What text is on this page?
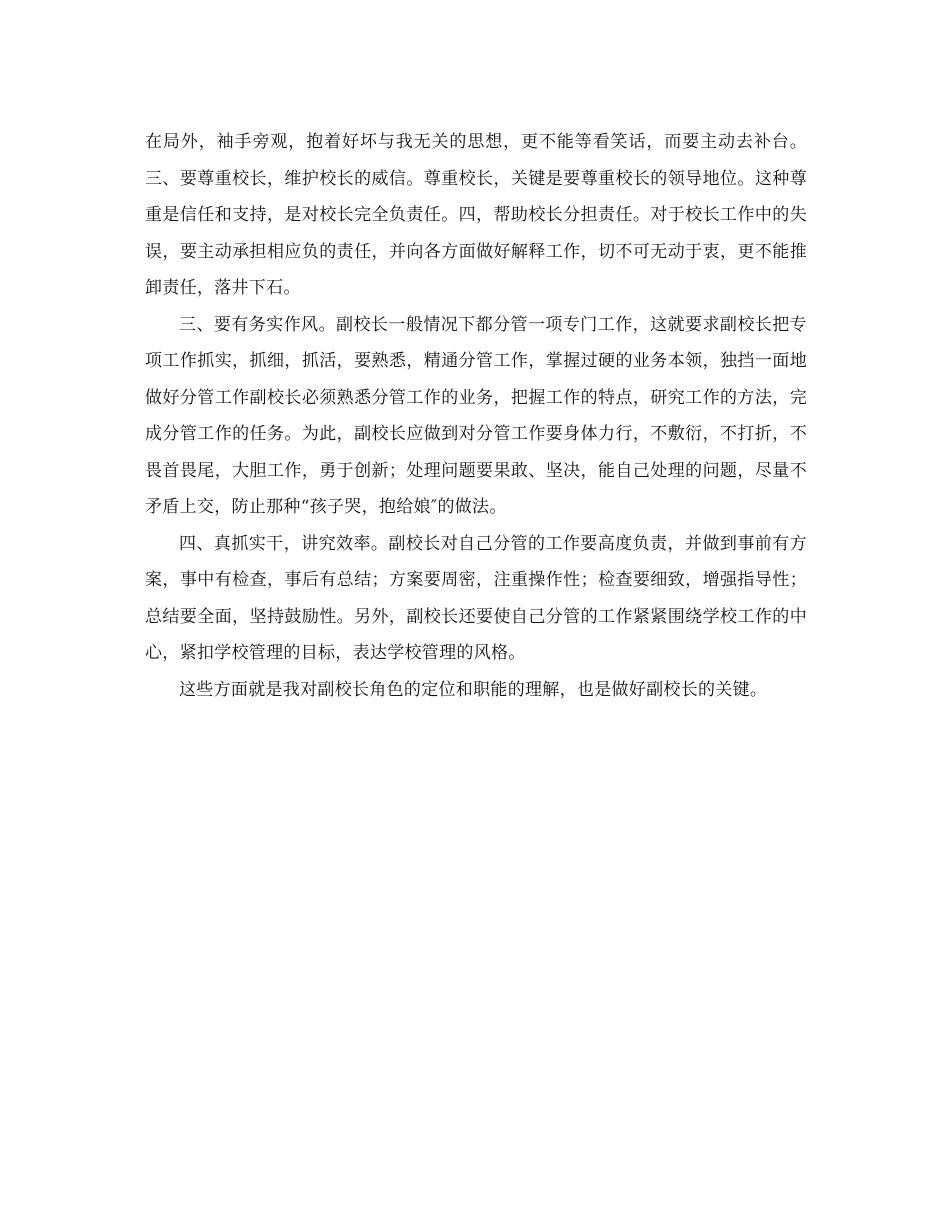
在局外，袖手旁观，抱着好坏与我无关的思想，更不能等看笑话，而要主动去补台。三、要尊重校长，维护校长的威信。尊重校长，关键是要尊重校长的领导地位。这种尊重是信任和支持，是对校长完全负责任。四，帮助校长分担责任。对于校长工作中的失误，要主动承担相应负的责任，并向各方面做好解释工作，切不可无动于衷，更不能推卸责任，落井下石。

三、要有务实作风。副校长一般情况下都分管一项专门工作，这就要求副校长把专项工作抓实，抓细，抓活，要熟悉，精通分管工作，掌握过硬的业务本领，独挡一面地做好分管工作副校长必须熟悉分管工作的业务，把握工作的特点，研究工作的方法，完成分管工作的任务。为此，副校长应做到对分管工作要身体力行，不敷衍，不打折，不畏首畏尾，大胆工作，勇于创新；处理问题要果敢、坚决，能自己处理的问题，尽量不矛盾上交，防止那种“孩子哭，抱给娘″的做法。

四、真抓实干，讲究效率。副校长对自己分管的工作要高度负责，并做到事前有方案，事中有检查，事后有总结；方案要周密，注重操作性；检查要细致，增强指导性；总结要全面，坚持鼓励性。另外，副校长还要使自己分管的工作紧紧围绕学校工作的中心，紧扣学校管理的目标，表达学校管理的风格。

这些方面就是我对副校长角色的定位和职能的理解，也是做好副校长的关键。
